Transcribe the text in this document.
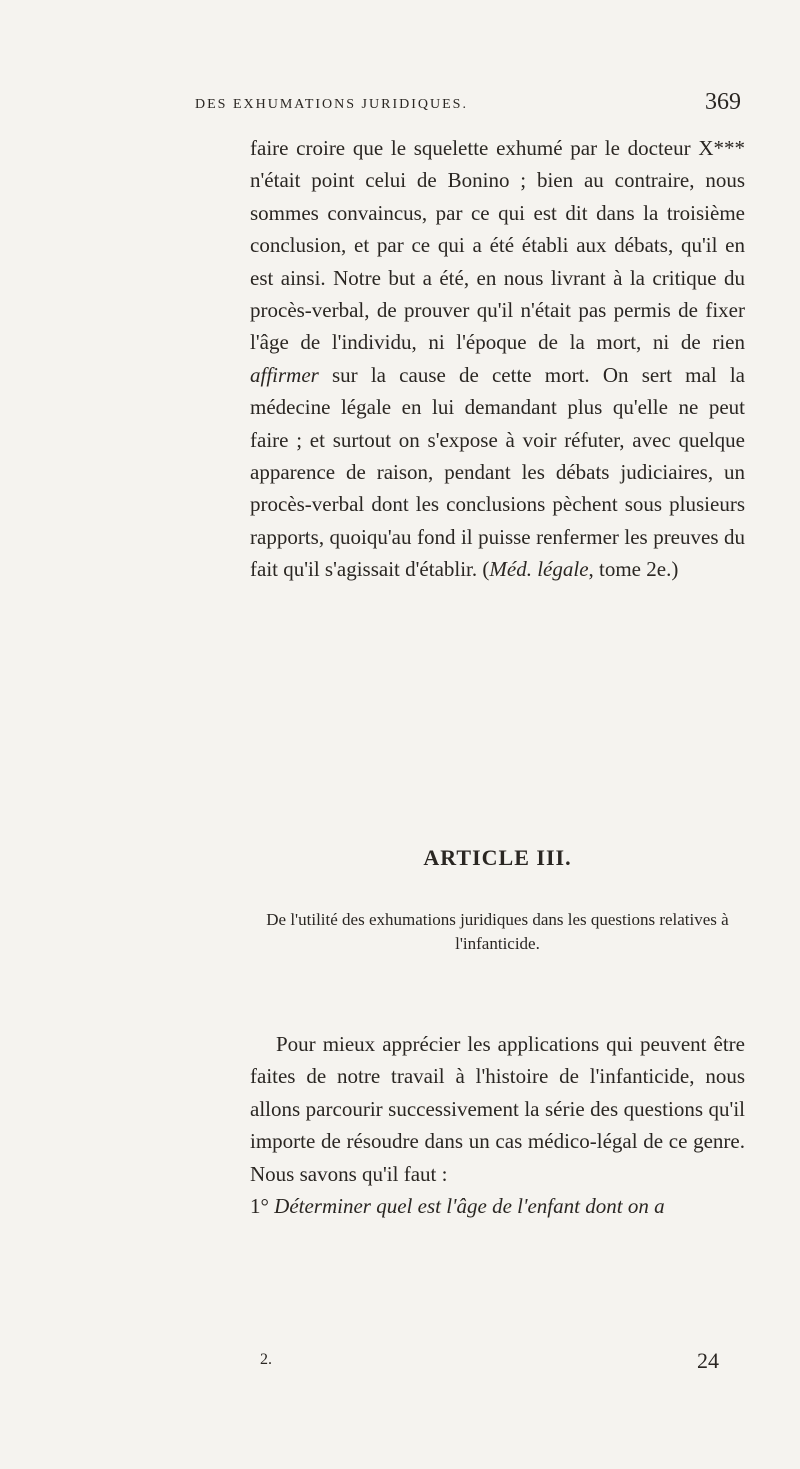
DES EXHUMATIONS JURIDIQUES.	369

faire croire que le squelette exhumé par le docteur X*** n'était point celui de Bonino ; bien au contraire, nous sommes convaincus, par ce qui est dit dans la troisième conclusion, et par ce qui a été établi aux débats, qu'il en est ainsi. Notre but a été, en nous livrant à la critique du procès-verbal, de prouver qu'il n'était pas permis de fixer l'âge de l'individu, ni l'époque de la mort, ni de rien affirmer sur la cause de cette mort. On sert mal la médecine légale en lui demandant plus qu'elle ne peut faire ; et surtout on s'expose à voir réfuter, avec quelque apparence de raison, pendant les débats judiciaires, un procès-verbal dont les conclusions pèchent sous plusieurs rapports, quoiqu'au fond il puisse renfermer les preuves du fait qu'il s'agissait d'établir. (Méd. légale, tome 2e.)

ARTICLE III.

De l'utilité des exhumations juridiques dans les questions relatives à l'infanticide.

Pour mieux apprécier les applications qui peuvent être faites de notre travail à l'histoire de l'infanticide, nous allons parcourir successivement la série des questions qu'il importe de résoudre dans un cas médico-légal de ce genre. Nous savons qu'il faut :
1° Déterminer quel est l'âge de l'enfant dont on a

2.	24
